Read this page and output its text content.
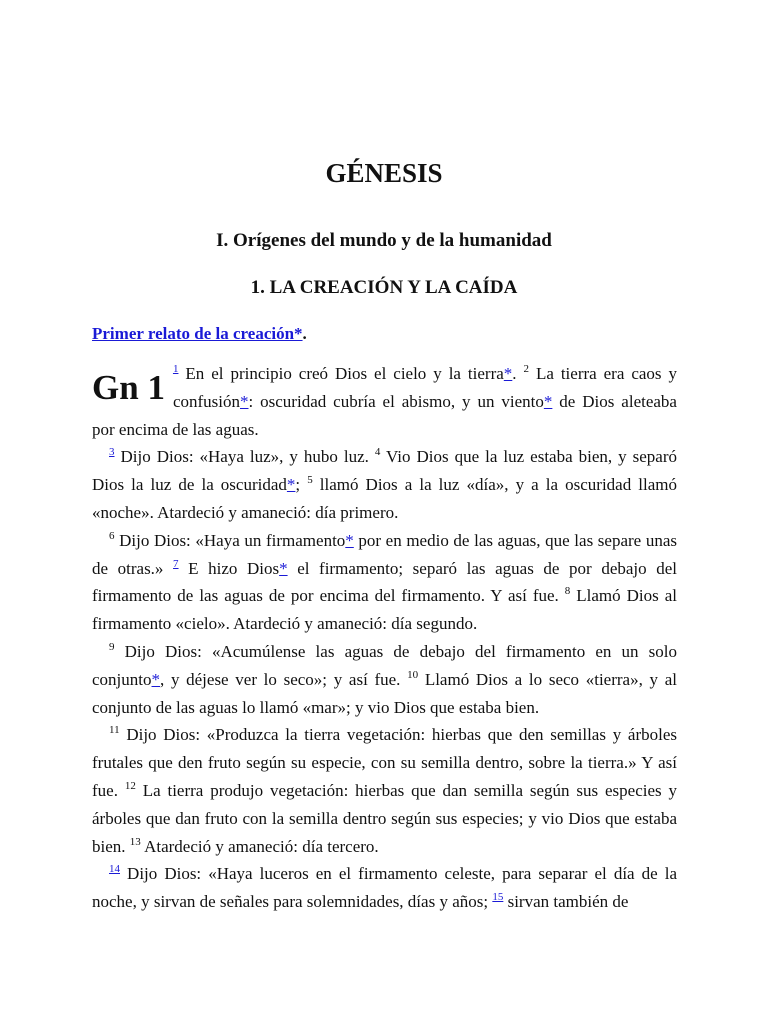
GÉNESIS
I. Orígenes del mundo y de la humanidad
1. LA CREACIÓN Y LA CAÍDA

Primer relato de la creación*.

Gn 1 $^1$ En el principio creó Dios el cielo y la tierra*. $^2$ La tierra era caos y confusión*: oscuridad cubría el abismo, y un viento* de Dios aleteaba por encima de las aguas.

$^3$ Dijo Dios: «Haya luz», y hubo luz. $^4$ Vio Dios que la luz estaba bien, y separó Dios la luz de la oscuridad*; $^5$ llamó Dios a la luz «día», y a la oscuridad llamó «noche». Atardeció y amaneció: día primero.

$^6$ Dijo Dios: «Haya un firmamento* por en medio de las aguas, que las separe unas de otras.» $^7$ E hizo Dios* el firmamento; separó las aguas de por debajo del firmamento de las aguas de por encima del firmamento. Y así fue. $^8$ Llamó Dios al firmamento «cielo». Atardeció y amaneció: día segundo.

$^9$ Dijo Dios: «Acumúlense las aguas de debajo del firmamento en un solo conjunto*, y déjese ver lo seco»; y así fue. $^{10}$ Llamó Dios a lo seco «tierra», y al conjunto de las aguas lo llamó «mar»; y vio Dios que estaba bien.

$^{11}$ Dijo Dios: «Produzca la tierra vegetación: hierbas que den semillas y árboles frutales que den fruto según su especie, con su semilla dentro, sobre la tierra.» Y así fue. $^{12}$ La tierra produjo vegetación: hierbas que dan semilla según sus especies y árboles que dan fruto con la semilla dentro según sus especies; y vio Dios que estaba bien. $^{13}$ Atardeció y amaneció: día tercero.

$^{14}$ Dijo Dios: «Haya luceros en el firmamento celeste, para separar el día de la noche, y sirvan de señales para solemnidades, días y años; $^{15}$ sirvan también de
